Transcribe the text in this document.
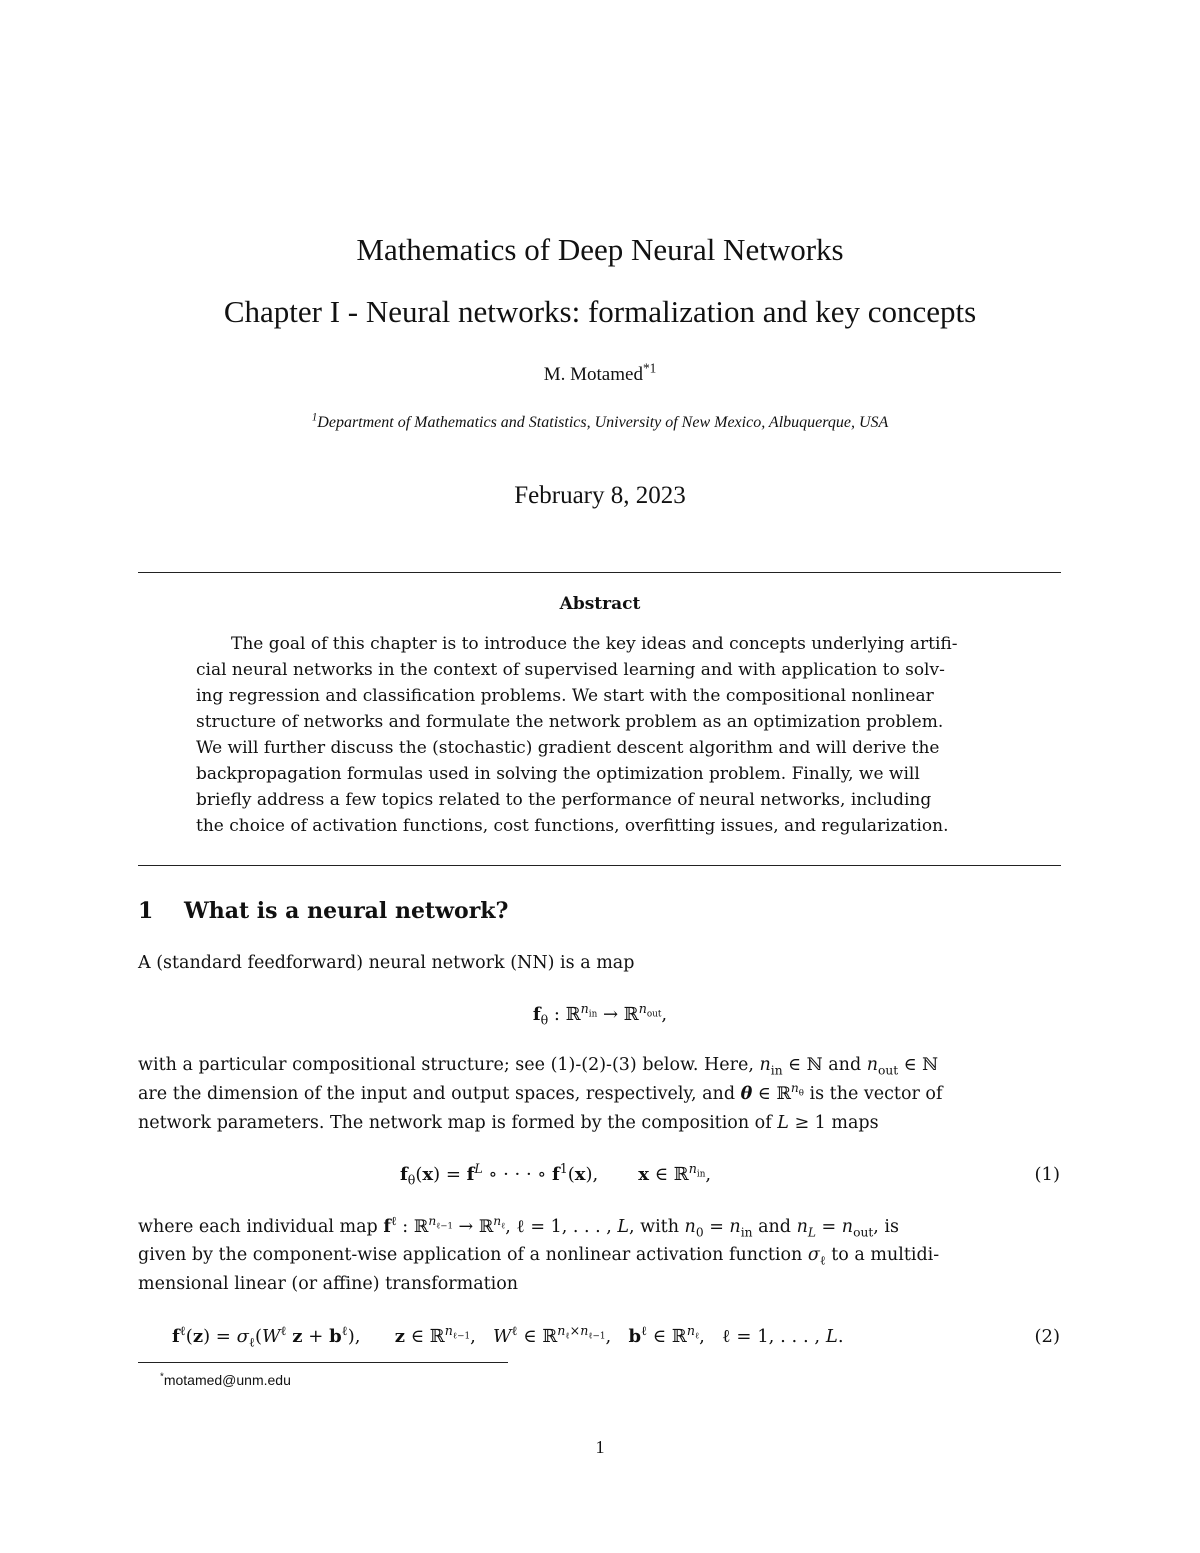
Mathematics of Deep Neural Networks
Chapter I - Neural networks: formalization and key concepts
M. Motamed$^{*1}$
$^1$Department of Mathematics and Statistics, University of New Mexico, Albuquerque, USA
February 8, 2023
Abstract
The goal of this chapter is to introduce the key ideas and concepts underlying artifi-
cial neural networks in the context of supervised learning and with application to solv-
ing regression and classification problems. We start with the compositional nonlinear
structure of networks and formulate the network problem as an optimization problem.
We will further discuss the (stochastic) gradient descent algorithm and will derive the
backpropagation formulas used in solving the optimization problem. Finally, we will
briefly address a few topics related to the performance of neural networks, including
the choice of activation functions, cost functions, overfitting issues, and regularization.
1 What is a neural network?
A (standard feedforward) neural network (NN) is a map
$f_\theta$ : ℝ$^{n_{in}}$ → ℝ$^{n_{out}}$,
with a particular compositional structure; see (1)-(2)-(3) below. Here, $n_{in}$ ∈ ℕ and $n_{out}$ ∈ ℕ
are the dimension of the input and output spaces, respectively, and θ ∈ ℝ$^{n_\theta}$ is the vector of
network parameters. The network map is formed by the composition of L ≥ 1 maps
$f_\theta(x) = f^L$ ∘ · · · ∘ $f^1(x)$,       x ∈ ℝ$^{n_{in}}$,	(1)
where each individual map $f^\ell$ : ℝ$^{n_{\ell-1}}$ → ℝ$^{n_\ell}$, ℓ = 1, . . . , L, with $n_0 = n_{in}$ and $n_L = n_{out}$, is
given by the component-wise application of a nonlinear activation function $\sigma_\ell$ to a multidi-
mensional linear (or affine) transformation
$f^\ell(z) = \sigma_\ell(W^\ell$ $z + b^\ell$),      z ∈ ℝ$^{n_{\ell-1}}$,   $W^\ell$ ∈ ℝ$^{n_\ell\times n_{\ell-1}}$,   $b^\ell$ ∈ ℝ$^{n_\ell}$,   ℓ = 1, . . . , L.	(2)
*motamed@unm.edu
1
